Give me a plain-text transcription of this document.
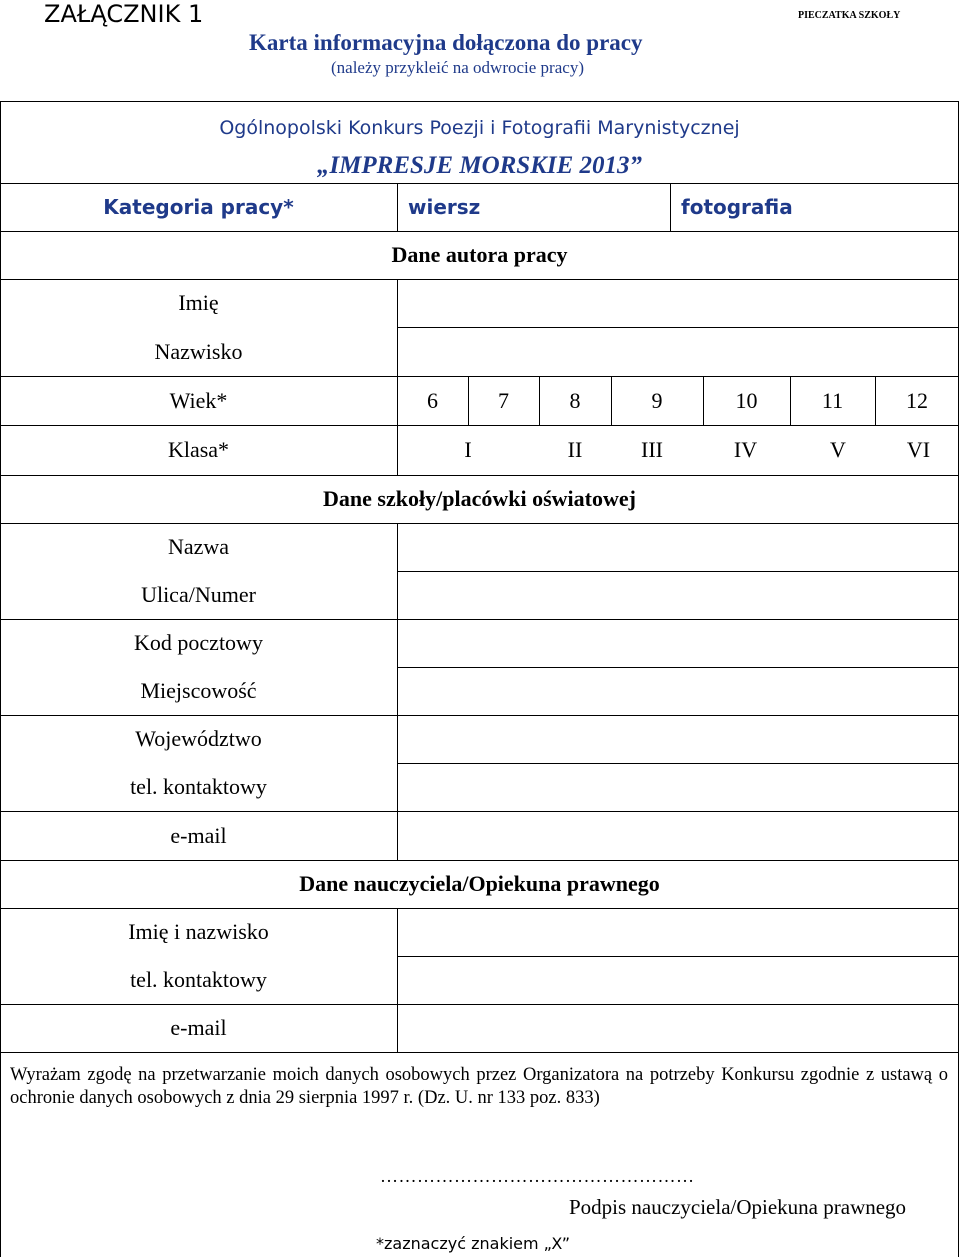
ZAŁĄCZNIK 1	PIECZATKA SZKOŁY
Karta informacyjna dołączona do pracy
(należy przykleić na odwrocie pracy)
Ogólnopolski Konkurs Poezji i Fotografii Marynistycznej
„IMPRESJE MORSKIE 2013”
Kategoria pracy*	wiersz	fotografia
Dane autora pracy
Imię
Nazwisko
Wiek*	6	7	8	9	10	11	12
Klasa*	I	II	III	IV	V	VI
Dane szkoły/placówki oświatowej
Nazwa
Ulica/Numer
Kod pocztowy
Miejscowość
Województwo
tel. kontaktowy
e-mail
Dane nauczyciela/Opiekuna prawnego
Imię i nazwisko
tel. kontaktowy
e-mail
Wyrażam zgodę na przetwarzanie moich danych osobowych przez Organizatora na potrzeby Konkursu zgodnie z ustawą o ochronie danych osobowych z dnia 29 sierpnia 1997 r. (Dz. U. nr 133 poz. 833)
……………………………………………
Podpis nauczyciela/Opiekuna prawnego
*zaznaczyć znakiem „X”
